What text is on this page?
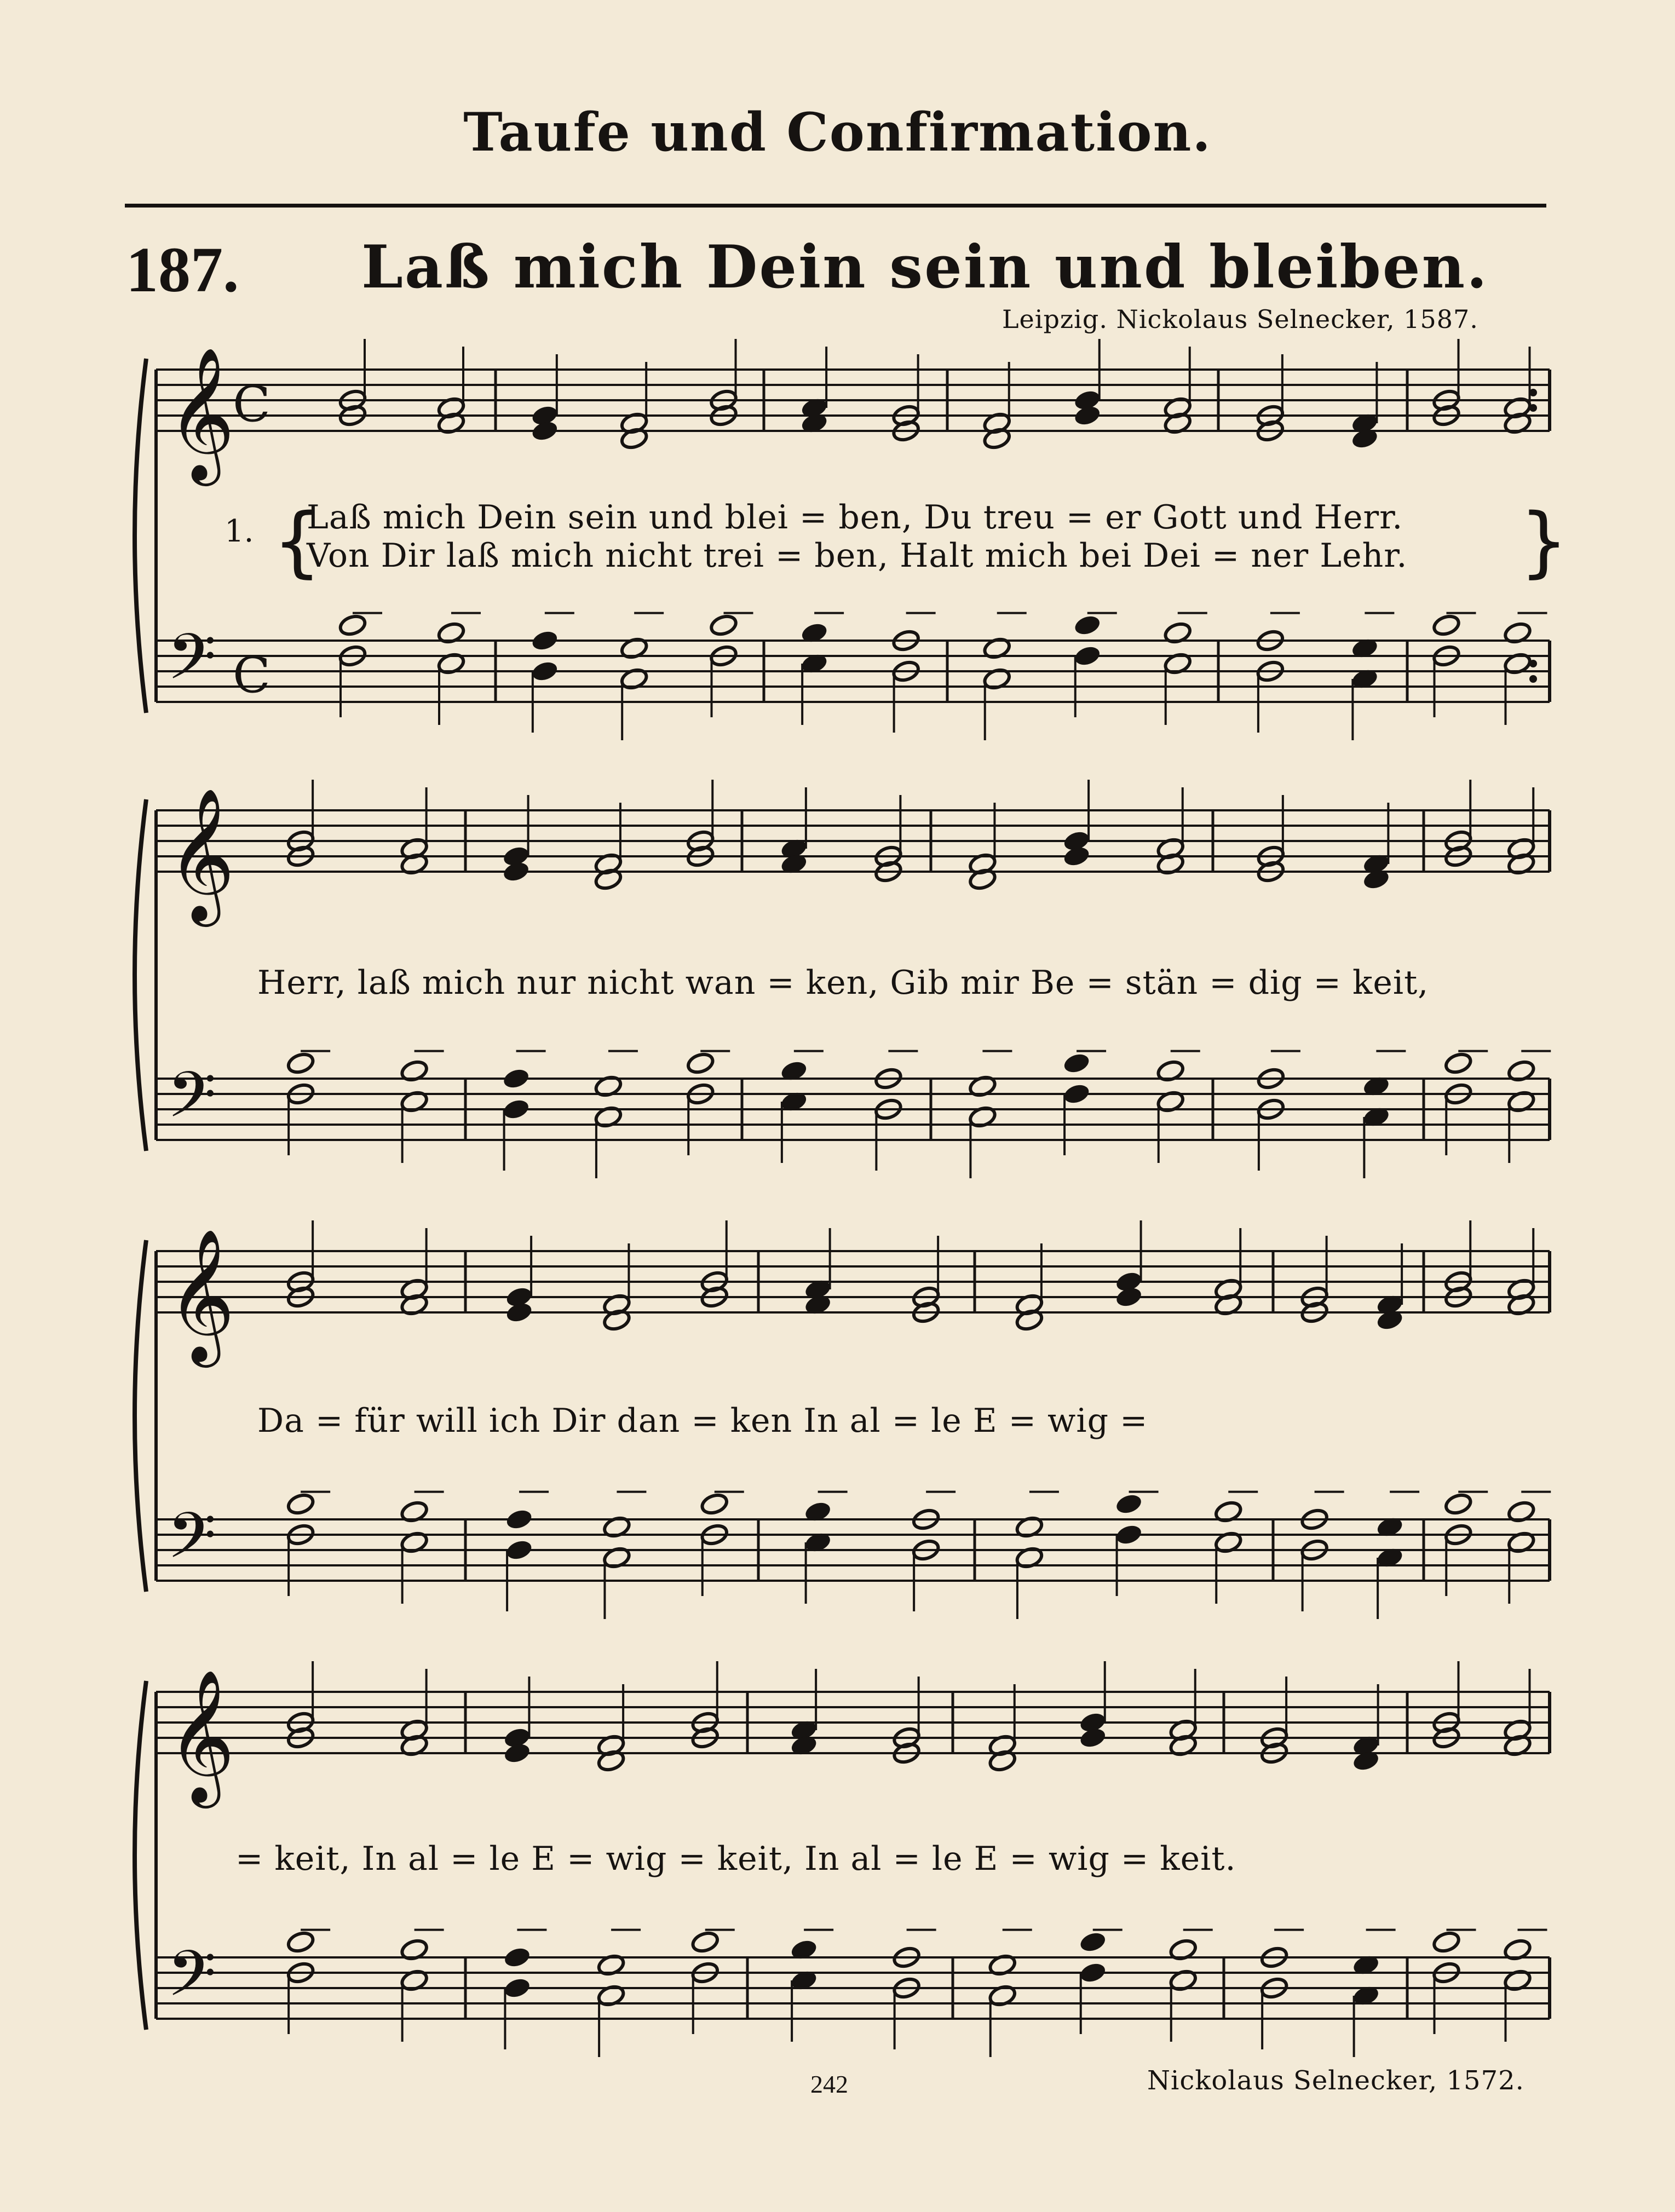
Taufe und Confirmation.
187. Laß mich Dein sein und bleiben.
Leipzig. Nickolaus Selnecker, 1587.
𝄞
𝄢
C
C
𝄞
𝄢
𝄞
𝄢
𝄞
𝄢
1. {	}
Laß mich Dein sein und blei = ben, Du treu = er Gott und Herr.
Von Dir laß mich nicht trei = ben, Halt mich bei Dei = ner Lehr.
Herr, laß mich nur nicht wan = ken, Gib mir Be = stän = dig = keit,
Da = für will ich Dir dan = ken In al = le E = wig =
= keit, In al = le E = wig = keit, In al = le E = wig = keit.
242	Nickolaus Selnecker, 1572.
